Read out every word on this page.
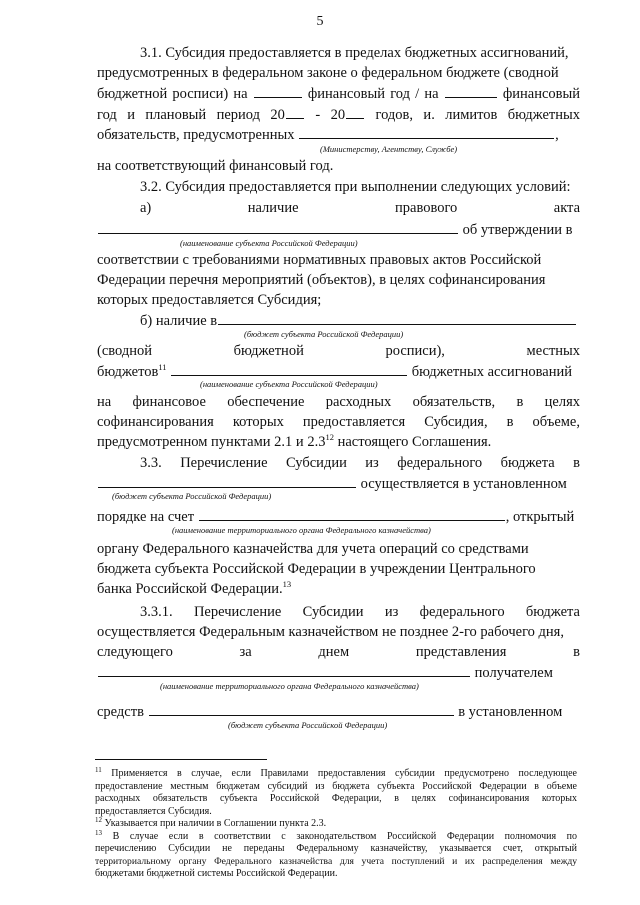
5
3.1. Субсидия предоставляется в пределах бюджетных ассигнований,
предусмотренных в федеральном законе о федеральном бюджете (сводной
бюджетной росписи) на	финансовый год / на	финансовый
год и плановый период 20 - 20 годов, и. лимитов бюджетных
обязательств, предусмотренных	,
(Министерству, Агентству, Службе)
на соответствующий финансовый год.
3.2. Субсидия предоставляется при выполнении следующих условий:
а) наличие	правового	акта
об утверждении в
(наименование субъекта Российской Федерации)
соответствии с требованиями нормативных правовых актов Российской
Федерации перечня мероприятий (объектов), в целях софинансирования
которых предоставляется Субсидия;
б) наличие в
(бюджет субъекта Российской Федерации)
(сводной	бюджетной	росписи),	местных
бюджетов$^{11}$	бюджетных ассигнований
(наименование субъекта Российской Федерации)
на финансовое обеспечение расходных обязательств, в целях
софинансирования которых предоставляется Субсидия, в объеме,
предусмотренном пунктами 2.1 и $2.3^{12}$ настоящего Соглашения.
3.3. Перечисление Субсидии из федерального бюджета в
осуществляется в установленном
(бюджет субъекта Российской Федерации)
порядке на счет	, открытый
(наименование территориального органа Федерального казначейства)
органу Федерального казначейства для учета операций со средствами
бюджета субъекта Российской Федерации в учреждении Центрального
банка Российской Федерации.$^{13}$
3.3.1. Перечисление Субсидии из федерального бюджета
осуществляется Федеральным казначейством не позднее 2-го рабочего дня,
следующего за днем представления в
получателем
(наименование территориального органа Федерального казначейства)
средств	в установленном
(бюджет субъекта Российской Федерации)
$^{11}$ Применяется в случае, если Правилами предоставления субсидии предусмотрено последующее
предоставление местным бюджетам субсидий из бюджета субъекта Российской Федерации в объеме
расходных обязательств субъекта Российской Федерации, в целях софинансирования которых
предоставляется Субсидия.
$^{12}$ Указывается при наличии в Соглашении пункта 2.3.
$^{13}$ В случае если в соответствии с законодательством Российской Федерации полномочия по
перечислению Субсидии не переданы Федеральному казначейству, указывается счет, открытый
территориальному органу Федерального казначейства для учета поступлений и их распределения между
бюджетами бюджетной системы Российской Федерации.
